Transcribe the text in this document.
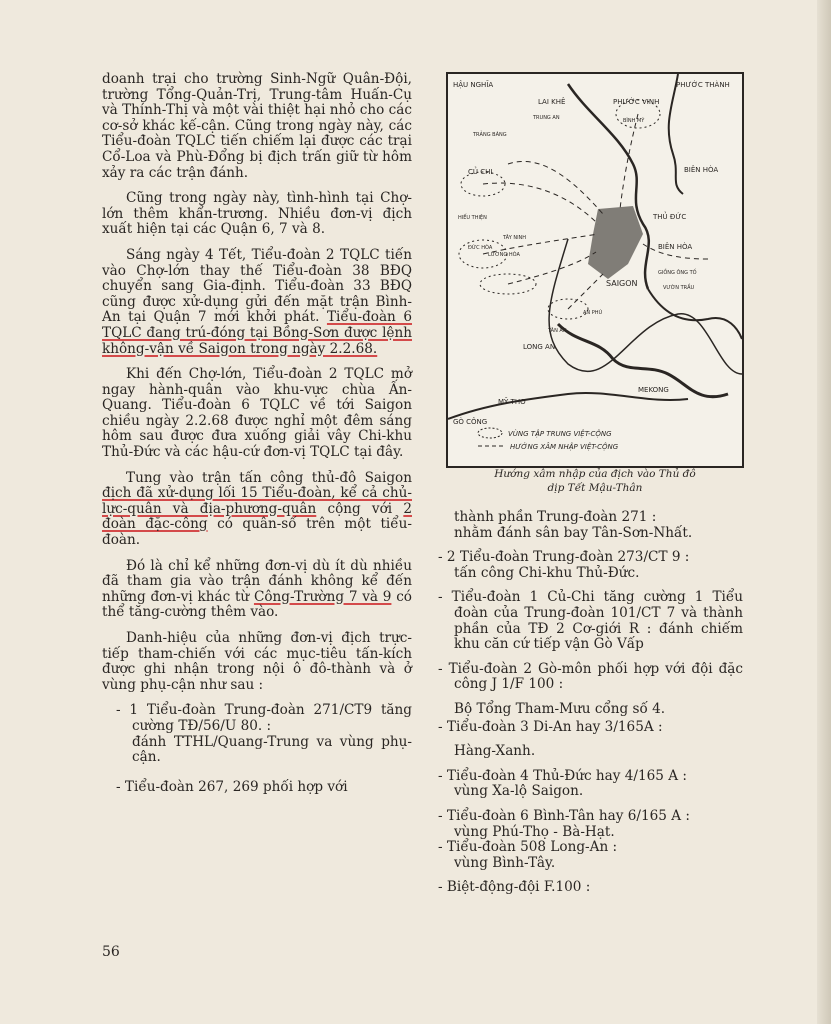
doanh trại cho trường Sinh-Ngữ Quân-Đội, trường Tổng-Quản-Trị, Trung-tâm Huấn-Cụ và Thính-Thị và một vài thiệt hại nhỏ cho các cơ-sở khác kế-cận. Cũng trong ngày này, các Tiểu-đoàn TQLC tiến chiếm lại được các trại Cổ-Loa và Phù-Đổng bị địch trấn giữ từ hôm xảy ra các trận đánh.

Cũng trong ngày này, tình-hình tại Chợ-lớn thêm khẩn-trương. Nhiều đơn-vị địch xuất hiện tại các Quận 6, 7 và 8.

Sáng ngày 4 Tết, Tiểu-đoàn 2 TQLC tiến vào Chợ-lớn thay thế Tiểu-đoàn 38 BĐQ chuyển sang Gia-định. Tiểu-đoàn 33 BĐQ cũng được xử-dụng gửi đến mặt trận Bình-An tại Quận 7 mới khởi phát. Tiểu-đoàn 6 TQLC đang trú-đóng tại Bồng-Sơn được lệnh không-vận về Saigon trong ngày 2.2.68.

Khi đến Chợ-lớn, Tiểu-đoàn 2 TQLC mở ngay hành-quân vào khu-vực chùa Ấn-Quang. Tiểu-đoàn 6 TQLC về tới Saigon chiều ngày 2.2.68 được nghỉ một đêm sáng hôm sau được đưa xuống giải vây Chi-khu Thủ-Đức và các hậu-cứ đơn-vị TQLC tại đây.

Tung vào trận tấn công thủ-đô Saigon địch đã xử-dụng lối 15 Tiểu-đoàn, kể cả chủ-lực-quân và địa-phương-quân cộng với 2 đoàn đặc-công có quân-số trên một tiểu-đoàn.

Đó là chỉ kể những đơn-vị dù ít dù nhiều đã tham gia vào trận đánh không kể đến những đơn-vị khác từ Công-Trường 7 và 9 có thể tăng-cường thêm vào.

Danh-hiệu của những đơn-vị địch trực-tiếp tham-chiến với các mục-tiêu tấn-kích được ghi nhận trong nội ô đô-thành và ở vùng phụ-cận như sau :

- 1 Tiểu-đoàn Trung-đoàn 271/CT9 tăng cường TĐ/56/U 80. :
đánh TTHL/Quang-Trung va vùng phụ-cận.
- Tiểu-đoàn 267, 269 phối hợp với
HẬU NGHĨA	PHƯỚC THÀNH
LAI KHÊ	PHƯỚC VINH
TRUNG AN	BÌNH MỸ
TRẢNG BÀNG
CỦ CHI	BIÊN HÒA
HIẾU THIỆN	THỦ ĐỨC
BIÊN HÒA
ĐỨC HÒA
TÂY NINH
LƯƠNG HÒA
GIỒNG ÔNG TỐ
SAIGON	VƯỜN TRẦU
AN PHÚ
TÂN AN
LONG AN
MEKONG
MỸ THO
GÒ CÔNG
VÙNG TẬP TRUNG VIỆT-CỘNG
HƯỚNG XÂM NHẬP VIỆT-CỘNG
Hướng xâm nhập của địch vào Thủ đô
dịp Tết Mậu-Thân
thành phần Trung-đoàn 271 :
nhằm đánh sân bay Tân-Sơn-Nhất.
- 2 Tiểu-đoàn Trung-đoàn 273/CT 9 :
tấn công Chi-khu Thủ-Đức.
- Tiểu-đoàn 1 Củ-Chi tăng cường 1 Tiểu đoàn của Trung-đoàn 101/CT 7 và thành phần của TĐ 2 Cơ-giới R : đánh chiếm khu căn cứ tiếp vận Gò Vấp
- Tiểu-đoàn 2 Gò-môn phối hợp với đội đặc công J 1/F 100 :
Bộ Tổng Tham-Mưu cổng số 4.
- Tiểu-đoàn 3 Di-An hay 3/165A :
Hàng-Xanh.
- Tiểu-đoàn 4 Thủ-Đức hay 4/165 A :
vùng Xa-lộ Saigon.
- Tiểu-đoàn 6 Bình-Tân hay 6/165 A :
vùng Phú-Thọ - Bà-Hạt.
- Tiểu-đoàn 508 Long-An :
vùng Bình-Tây.
- Biệt-động-đội F.100 :
56
